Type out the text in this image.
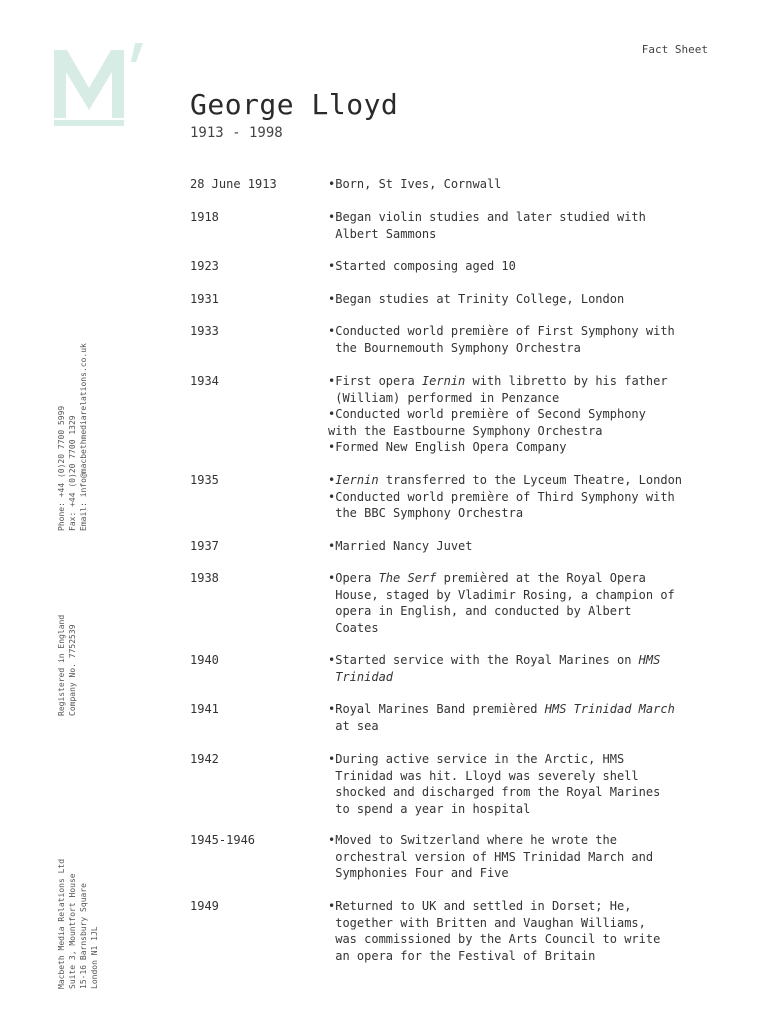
Fact Sheet
George Lloyd
1913 - 1998
28 June 1913	•Born, St Ives, Cornwall
1918	•Began violin studies and later studied with
Albert Sammons
1923	•Started composing aged 10
1931	•Began studies at Trinity College, London
1933	•Conducted world première of First Symphony with
the Bournemouth Symphony Orchestra
1934	•First opera Iernin with libretto by his father
(William) performed in Penzance
•Conducted world première of Second Symphony
with the Eastbourne Symphony Orchestra
•Formed New English Opera Company
1935	•Iernin transferred to the Lyceum Theatre, London
•Conducted world première of Third Symphony with
the BBC Symphony Orchestra
1937	•Married Nancy Juvet
1938	•Opera The Serf premièred at the Royal Opera
House, staged by Vladimir Rosing, a champion of
opera in English, and conducted by Albert
Coates
1940	•Started service with the Royal Marines on HMS
Trinidad
1941	•Royal Marines Band premièred HMS Trinidad March
at sea
1942	•During active service in the Arctic, HMS
Trinidad was hit. Lloyd was severely shell
shocked and discharged from the Royal Marines
to spend a year in hospital
1945-1946	•Moved to Switzerland where he wrote the
orchestral version of HMS Trinidad March and
Symphonies Four and Five
1949	•Returned to UK and settled in Dorset; He,
together with Britten and Vaughan Williams,
was commissioned by the Arts Council to write
an opera for the Festival of Britain
Phone: +44 (0)20 7700 5999
Fax: +44 (0)20 7700 1329
Email: info@macbethmediarelations.co.uk
Registered in England
Company No. 7752539
Macbeth Media Relations Ltd
Suite 3, Mountfort House
15-16 Barnsbury Square
London N1 1JL
